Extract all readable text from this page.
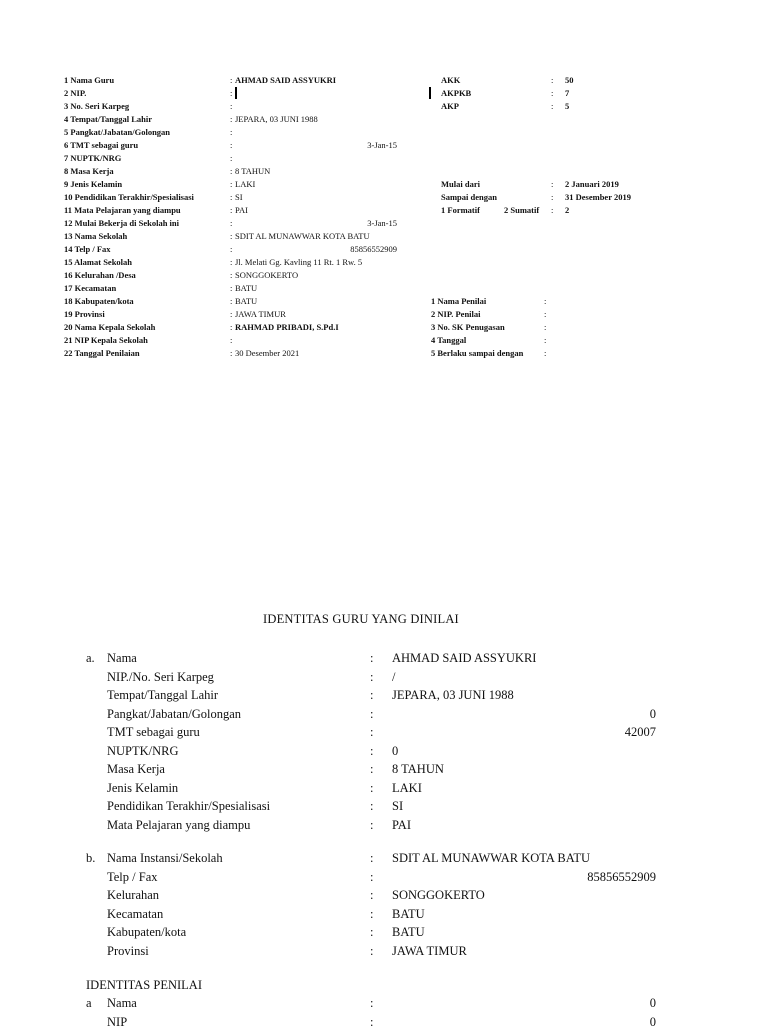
1 Nama Guru	: AHMAD SAID ASSYUKRI
2 NIP.	:
3 No. Seri Karpeg	:
4 Tempat/Tanggal Lahir	: JEPARA, 03 JUNI 1988
5 Pangkat/Jabatan/Golongan	:
6 TMT sebagai guru	:	3-Jan-15
7 NUPTK/NRG	:
8 Masa Kerja	: 8 TAHUN
9 Jenis Kelamin	: LAKI
10 Pendidikan Terakhir/Spesialisasi	: SI
11 Mata Pelajaran yang diampu	: PAI
12 Mulai Bekerja di Sekolah ini	:	3-Jan-15
13 Nama Sekolah	: SDIT AL MUNAWWAR KOTA BATU
14 Telp / Fax	:	85856552909
15 Alamat Sekolah	: Jl. Melati Gg. Kavling 11 Rt. 1 Rw. 5
16 Kelurahan /Desa	: SONGGOKERTO
17 Kecamatan	: BATU
18 Kabupaten/kota	: BATU
19 Provinsi	: JAWA TIMUR
20 Nama Kepala Sekolah	: RAHMAD PRIBADI, S.Pd.I
21 NIP Kepala Sekolah	:
22 Tanggal Penilaian	: 30 Desember 2021
AKK	: 50
AKPKB	: 7
AKP	: 5
Mulai dari	: 2 Januari 2019
Sampai dengan	: 31 Desember 2019
1 Formatif	2 Sumatif : 2
1 Nama Penilai	:
2 NIP. Penilai	:
3 No. SK Penugasan	:
4 Tanggal	:
5 Berlaku sampai dengan :
IDENTITAS GURU YANG DINILAI
a. Nama	: AHMAD SAID ASSYUKRI
NIP./No. Seri Karpeg	: /
Tempat/Tanggal Lahir	: JEPARA, 03 JUNI 1988
Pangkat/Jabatan/Golongan	:	0
TMT sebagai guru	:	42007
NUPTK/NRG	: 0
Masa Kerja	: 8 TAHUN
Jenis Kelamin	: LAKI
Pendidikan Terakhir/Spesialisasi	: SI
Mata Pelajaran yang diampu	: PAI
b. Nama Instansi/Sekolah	: SDIT AL MUNAWWAR KOTA BATU
Telp / Fax	:	85856552909
Kelurahan	: SONGGOKERTO
Kecamatan	: BATU
Kabupaten/kota	: BATU
Provinsi	: JAWA TIMUR
IDENTITAS PENILAI
a Nama	:	0
NIP	:	0
